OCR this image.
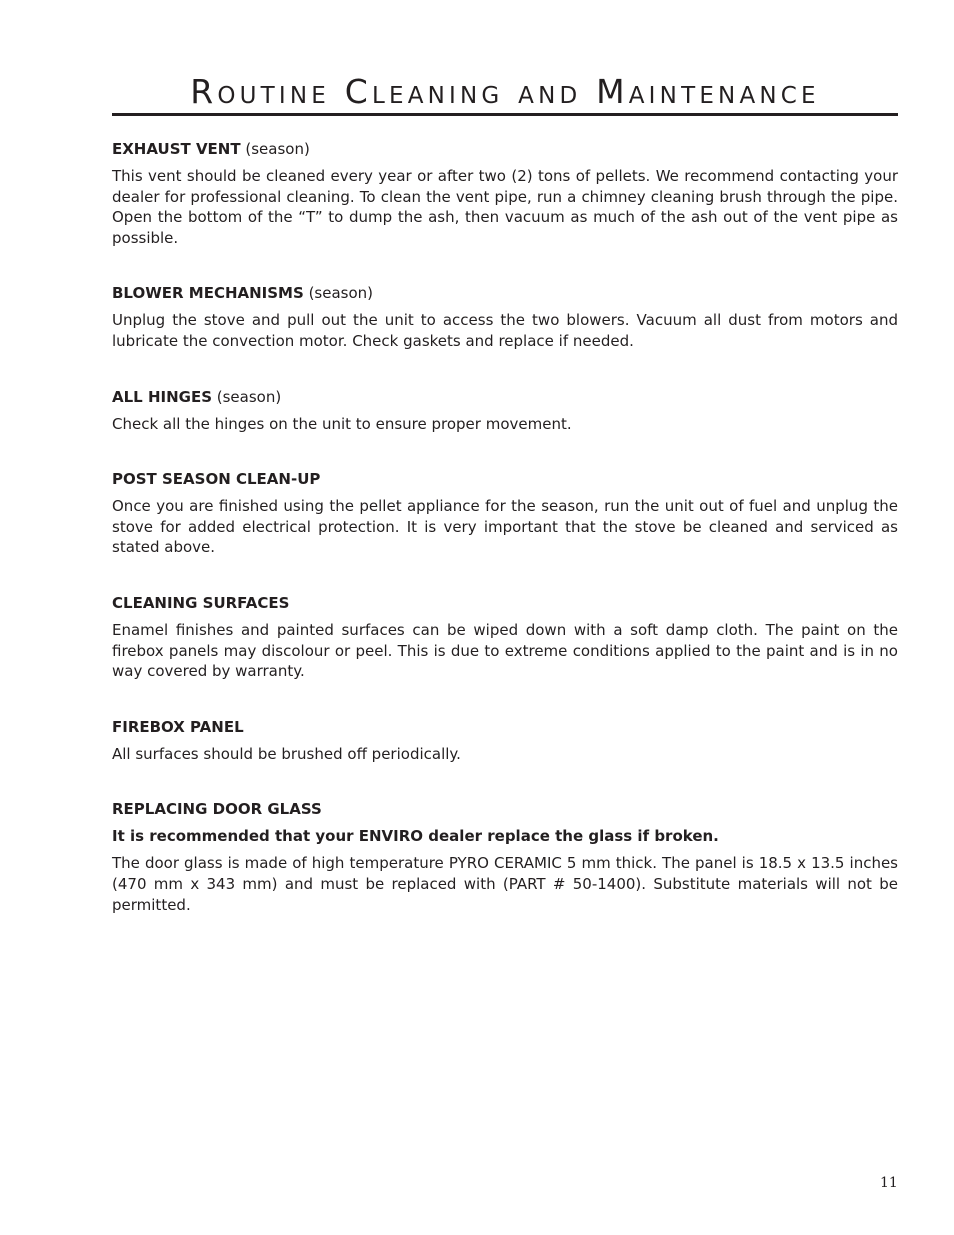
Routine Cleaning and Maintenance
EXHAUST VENT (season)

This vent should be cleaned every year or after two (2) tons of pellets. We recommend contacting your dealer for professional cleaning. To clean the vent pipe, run a chimney cleaning brush through the pipe. Open the bottom of the “T” to dump the ash, then vacuum as much of the ash out of the vent pipe as possible.

BLOWER MECHANISMS (season)

Unplug the stove and pull out the unit to access the two blowers. Vacuum all dust from motors and lubricate the convection motor. Check gaskets and replace if needed.

ALL HINGES (season)

Check all the hinges on the unit to ensure proper movement.

POST SEASON CLEAN-UP

Once you are finished using the pellet appliance for the season, run the unit out of fuel and unplug the stove for added electrical protection. It is very important that the stove be cleaned and serviced as stated above.

CLEANING SURFACES

Enamel finishes and painted surfaces can be wiped down with a soft damp cloth. The paint on the firebox panels may discolour or peel. This is due to extreme conditions applied to the paint and is in no way covered by warranty.

FIREBOX PANEL

All surfaces should be brushed off periodically.

REPLACING DOOR GLASS
It is recommended that your ENVIRO dealer replace the glass if broken.

The door glass is made of high temperature PYRO CERAMIC 5 mm thick. The panel is 18.5 x 13.5 inches (470 mm x 343 mm) and must be replaced with (PART # 50-1400). Substitute materials will not be permitted.

11
